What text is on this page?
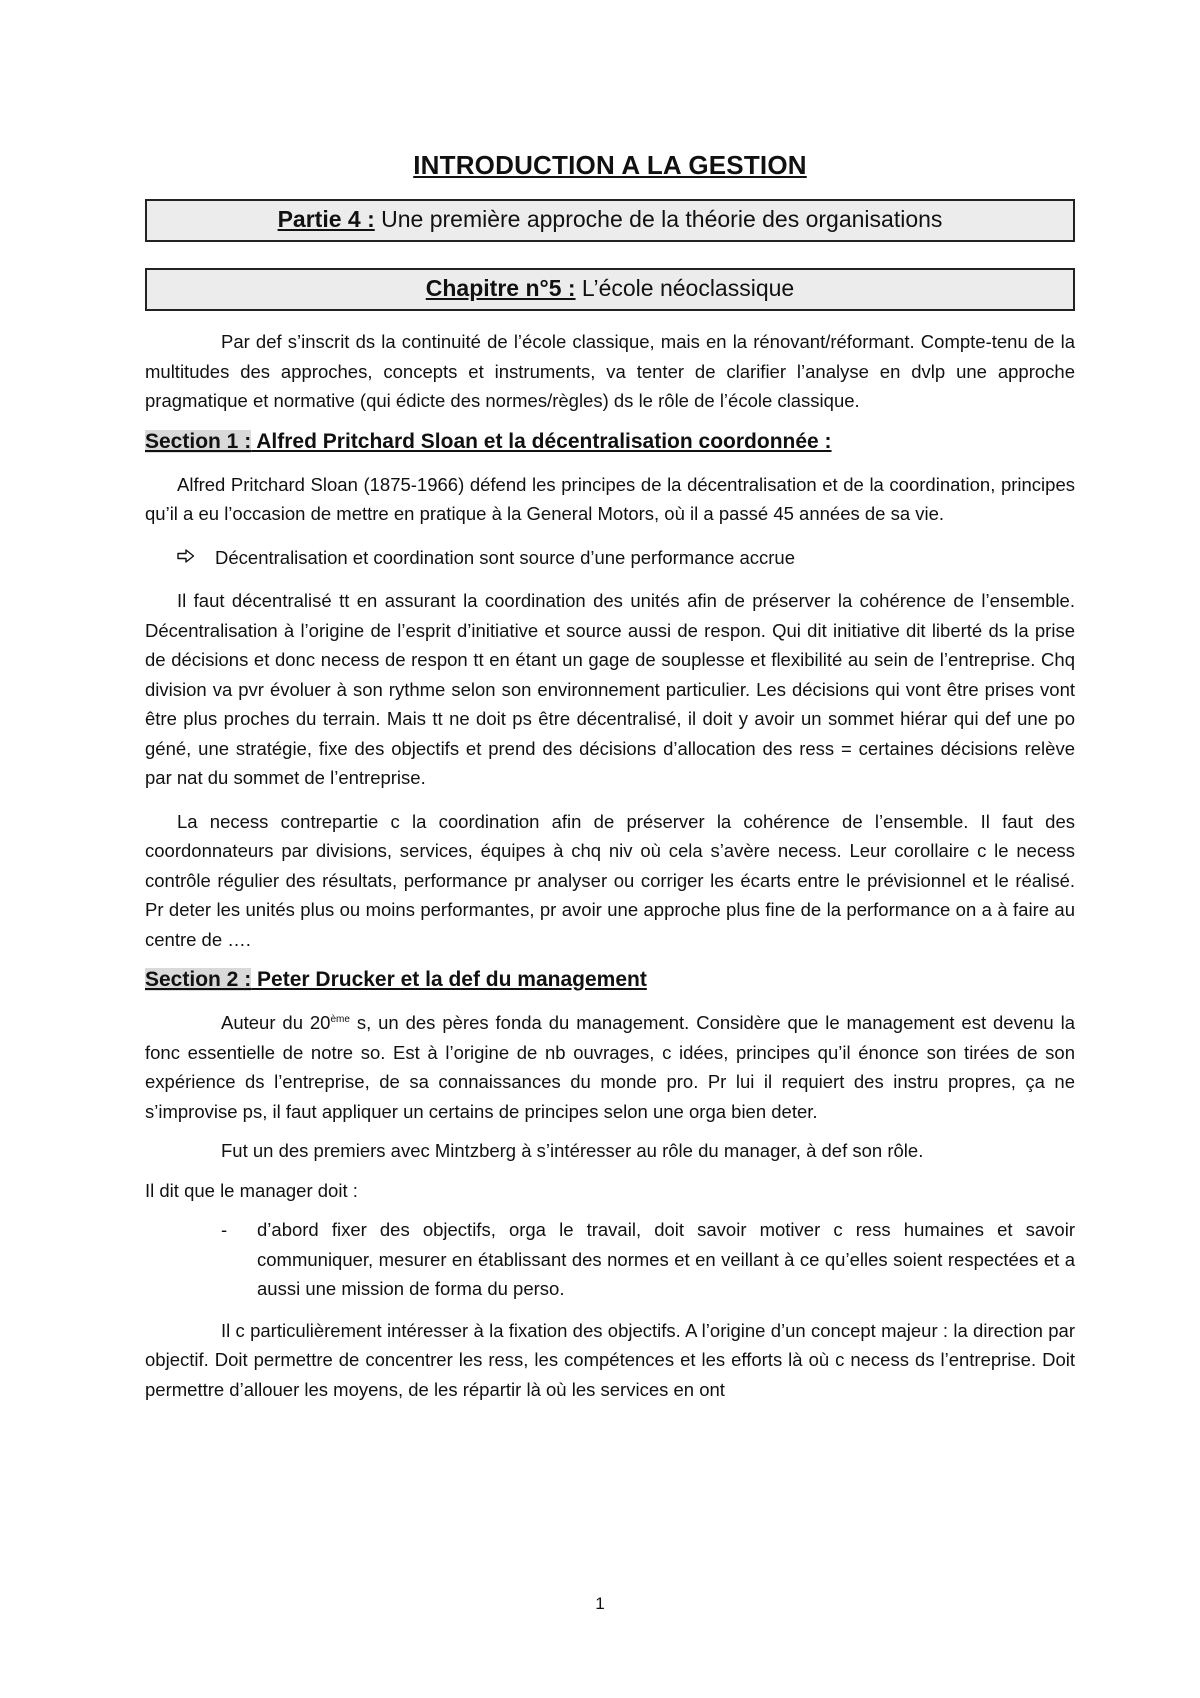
INTRODUCTION A LA GESTION
Partie 4 : Une première approche de la théorie des organisations
Chapitre n°5 : L’école néoclassique

Par def s’inscrit ds la continuité de l’école classique, mais en la rénovant/réformant. Compte-tenu de la multitudes des approches, concepts et instruments, va tenter de clarifier l’analyse en dvlp une approche pragmatique et normative (qui édicte des normes/règles) ds le rôle de l’école classique.

Section 1 : Alfred Pritchard Sloan et la décentralisation coordonnée :

Alfred Pritchard Sloan (1875-1966) défend les principes de la décentralisation et de la coordination, principes qu’il a eu l’occasion de mettre en pratique à la General Motors, où il a passé 45 années de sa vie.

Décentralisation et coordination sont source d’une performance accrue

Il faut décentralisé tt en assurant la coordination des unités afin de préserver la cohérence de l’ensemble. Décentralisation à l’origine de l’esprit d’initiative et source aussi de respon. Qui dit initiative dit liberté ds la prise de décisions et donc necess de respon tt en étant un gage de souplesse et flexibilité au sein de l’entreprise. Chq division va pvr évoluer à son rythme selon son environnement particulier. Les décisions qui vont être prises vont être plus proches du terrain. Mais tt ne doit ps être décentralisé, il doit y avoir un sommet hiérar qui def une po géné, une stratégie, fixe des objectifs et prend des décisions d’allocation des ress = certaines décisions relève par nat du sommet de l’entreprise.

La necess contrepartie c la coordination afin de préserver la cohérence de l’ensemble. Il faut des coordonnateurs par divisions, services, équipes à chq niv où cela s’avère necess. Leur corollaire c le necess contrôle régulier des résultats, performance pr analyser ou corriger les écarts entre le prévisionnel et le réalisé. Pr deter les unités plus ou moins performantes, pr avoir une approche plus fine de la performance on a à faire au centre de ….

Section 2 : Peter Drucker et la def du management

Auteur du 20ème s, un des pères fonda du management. Considère que le management est devenu la fonc essentielle de notre so. Est à l’origine de nb ouvrages, c idées, principes qu’il énonce son tirées de son expérience ds l’entreprise, de sa connaissances du monde pro. Pr lui il requiert des instru propres, ça ne s’improvise ps, il faut appliquer un certains de principes selon une orga bien deter.

Fut un des premiers avec Mintzberg à s’intéresser au rôle du manager, à def son rôle.

Il dit que le manager doit :

-	d’abord fixer des objectifs, orga le travail, doit savoir motiver c ress humaines et savoir communiquer, mesurer en établissant des normes et en veillant à ce qu’elles soient respectées et a aussi une mission de forma du perso.

Il c particulièrement intéresser à la fixation des objectifs. A l’origine d’un concept majeur : la direction par objectif. Doit permettre de concentrer les ress, les compétences et les efforts là où c necess ds l’entreprise. Doit permettre d’allouer les moyens, de les répartir là où les services en ont

1
